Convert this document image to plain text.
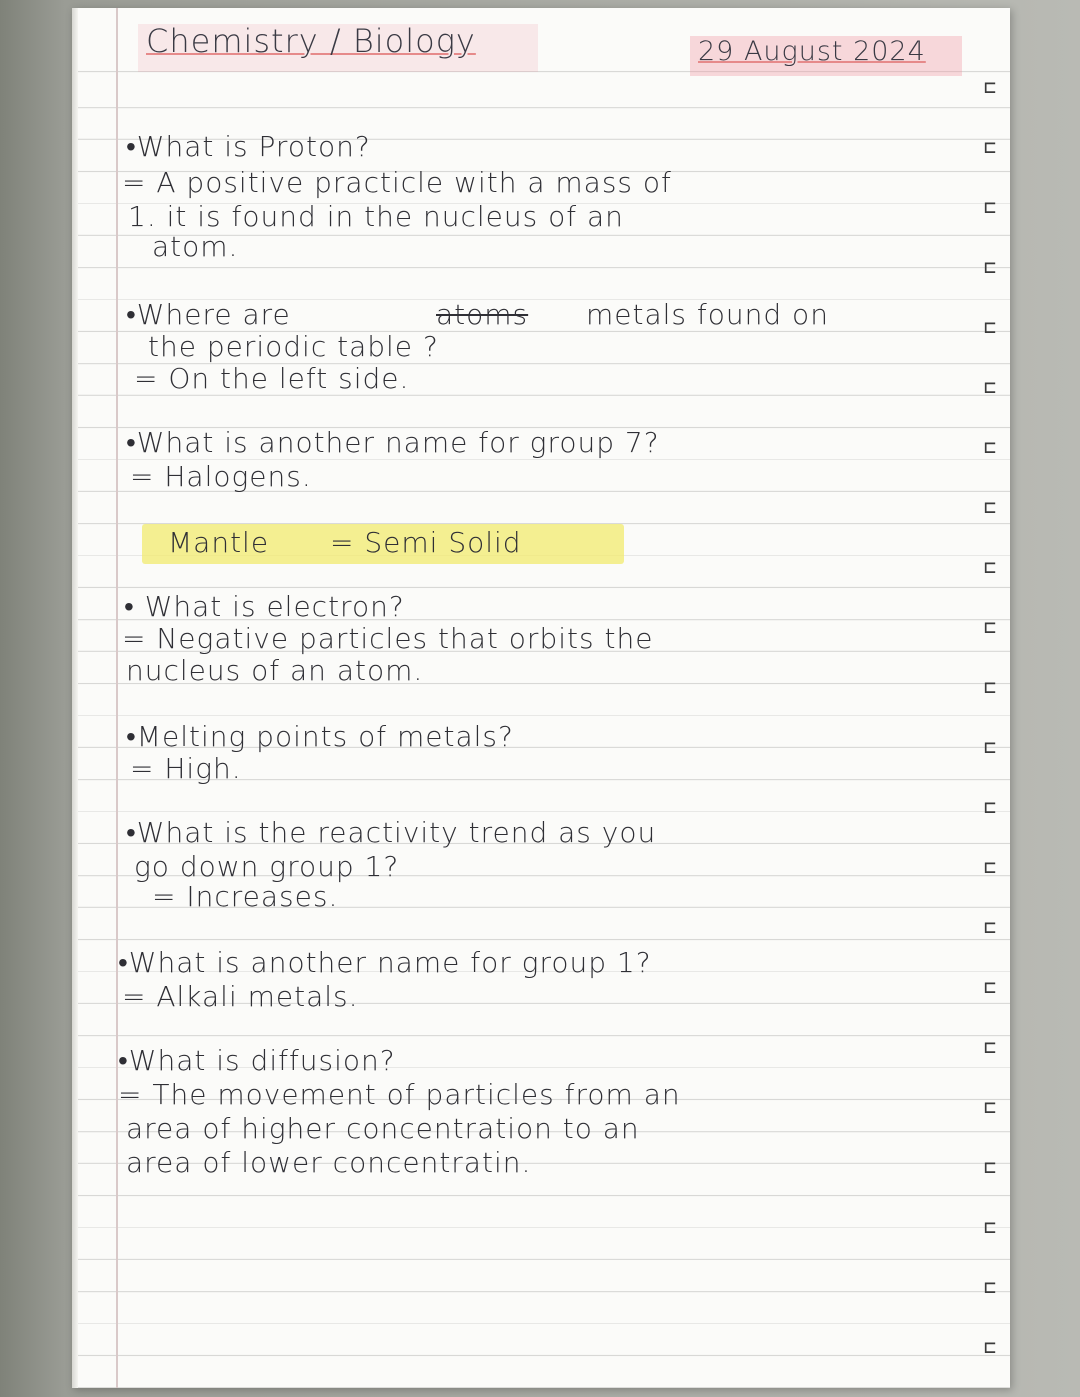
Chemistry / Biology	29 August 2024
•What is Proton?
= A positive practicle with a mass of
1. it is found in the nucleus of an
atom.
•Where are	atoms metals found on
the periodic table ?
= On the left side.
•What is another name for group 7?
= Halogens.
Mantle = Semi Solid
• What is electron?
= Negative particles that orbits the
nucleus of an atom.
•Melting points of metals?
= High.
•What is the reactivity trend as you
go down group 1?
= Increases.
•What is another name for group 1?
= Alkali metals.
•What is diffusion?
= The movement of particles from an
area of higher concentration to an
area of lower concentratin.
⊏
⊏
⊏
⊏
⊏
⊏
⊏
⊏
⊏
⊏
⊏
⊏
⊏
⊏
⊏
⊏
⊏
⊏
⊏
⊏
⊏
⊏
